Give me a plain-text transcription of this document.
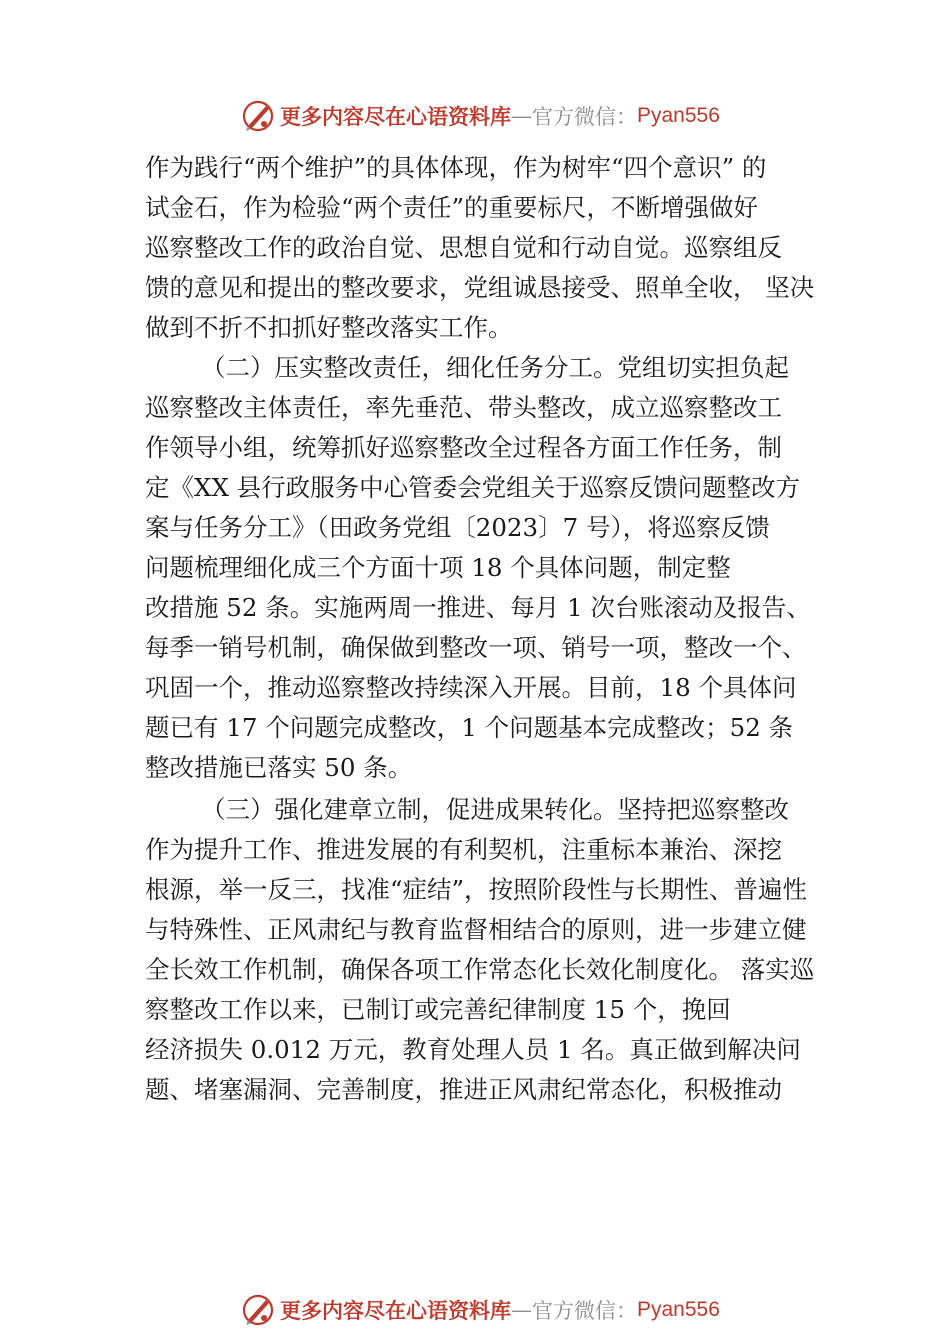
更多内容尽在心语资料库 — 官方微信： Pyan556
作为践行“两个维护”的具体体现，作为树牢“四个意识” 的
试金石，作为检验“两个责任”的重要标尺，不断增强做好
巡察整改工作的政治自觉、思想自觉和行动自觉。巡察组反
馈的意见和提出的整改要求，党组诚恳接受、照单全收， 坚决
做到不折不扣抓好整改落实工作。
（二）压实整改责任，细化任务分工。党组切实担负起
巡察整改主体责任，率先垂范、带头整改，成立巡察整改工
作领导小组，统筹抓好巡察整改全过程各方面工作任务，制
定《XX 县行政服务中心管委会党组关于巡察反馈问题整改方
案与任务分工》（田政务党组〔2023〕7 号），将巡察反馈
问题梳理细化成三个方面十项 18 个具体问题，制定整
改措施 52 条。实施两周一推进、每月 1 次台账滚动及报告、
每季一销号机制，确保做到整改一项、销号一项，整改一个、
巩固一个，推动巡察整改持续深入开展。目前，18 个具体问
题已有 17 个问题完成整改，1 个问题基本完成整改；52 条
整改措施已落实 50 条。
（三）强化建章立制，促进成果转化。坚持把巡察整改
作为提升工作、推进发展的有利契机，注重标本兼治、深挖
根源，举一反三，找准“症结”，按照阶段性与长期性、普遍性
与特殊性、正风肃纪与教育监督相结合的原则，进一步建立健
全长效工作机制，确保各项工作常态化长效化制度化。 落实巡
察整改工作以来，已制订或完善纪律制度 15 个，挽回
经济损失 0.012 万元，教育处理人员 1 名。真正做到解决问
题、堵塞漏洞、完善制度，推进正风肃纪常态化，积极推动
更多内容尽在心语资料库 — 官方微信： Pyan556
